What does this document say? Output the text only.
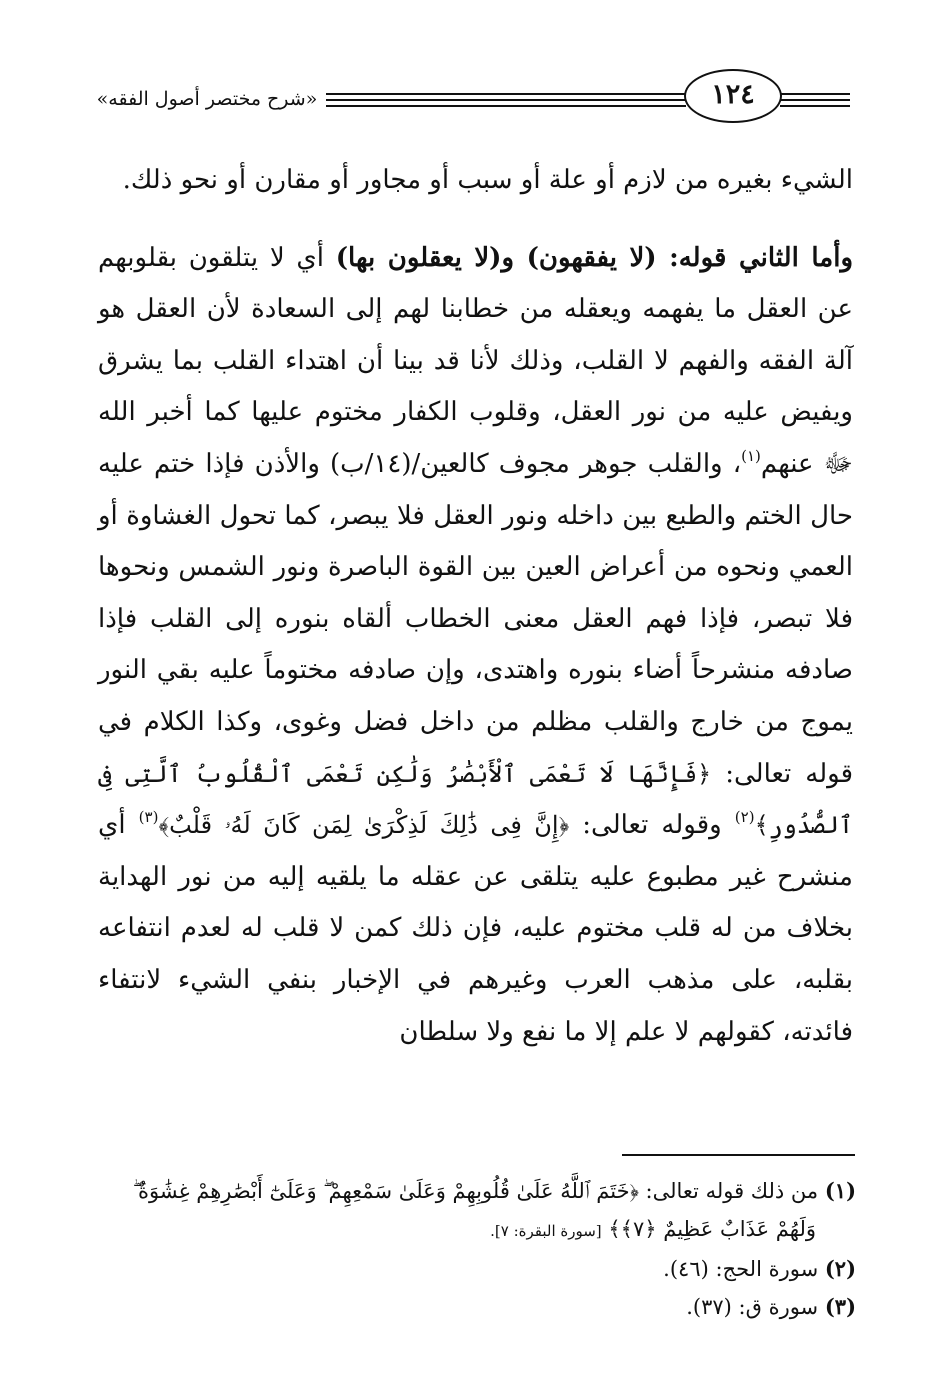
«شرح مختصر أصول الفقه»	١٢٤

الشيء بغيره من لازم أو علة أو سبب أو مجاور أو مقارن أو نحو ذلك.

وأما الثاني قوله: (لا يفقهون) و(لا يعقلون بها) أي لا يتلقون بقلوبهم عن العقل ما يفهمه ويعقله من خطابنا لهم إلى السعادة لأن العقل هو آلة الفقه والفهم لا القلب، وذلك لأنا قد بينا أن اهتداء القلب بما يشرق ويفيض عليه من نور العقل، وقلوب الكفار مختوم عليها كما أخبر الله ﷻ عنهم$^{(١)}$، والقلب جوهر مجوف كالعين/(١٤/ب) والأذن فإذا ختم عليه حال الختم والطبع بين داخله ونور العقل فلا يبصر، كما تحول الغشاوة أو العمي ونحوه من أعراض العين بين القوة الباصرة ونور الشمس ونحوها فلا تبصر، فإذا فهم العقل معنى الخطاب ألقاه بنوره إلى القلب فإذا صادفه منشرحاً أضاء بنوره واهتدى، وإن صادفه مختوماً عليه بقي النور يموج من خارج والقلب مظلم من داخل فضل وغوى، وكذا الكلام في قوله تعالى: ﴿فَإِنَّهَا لَا تَعْمَى ٱلْأَبْصَٰرُ وَلَٰكِن تَعْمَى ٱلْقُلُوبُ ٱلَّتِى فِى ٱلصُّدُورِ﴾$^{(٢)}$ وقوله تعالى: ﴿إِنَّ فِى ذَٰلِكَ لَذِكْرَىٰ لِمَن كَانَ لَهُۥ قَلْبٌ﴾$^{(٣)}$ أي منشرح غير مطبوع عليه يتلقى عن عقله ما يلقيه إليه من نور الهداية بخلاف من له قلب مختوم عليه، فإن ذلك كمن لا قلب له لعدم انتفاعه بقلبه، على مذهب العرب وغيرهم في الإخبار بنفي الشيء لانتفاء فائدته، كقولهم لا علم إلا ما نفع ولا سلطان

(١) من ذلك قوله تعالى: ﴿خَتَمَ ٱللَّهُ عَلَىٰ قُلُوبِهِمْ وَعَلَىٰ سَمْعِهِمْ ۖ وَعَلَىٰٓ أَبْصَٰرِهِمْ غِشَٰوَةٌ ۖ

وَلَهُمْ عَذَابٌ عَظِيمٌ ﴿٧﴾﴾ [سورة البقرة: ٧].

(٢) سورة الحج: (٤٦).

(٣) سورة ق: (٣٧).
